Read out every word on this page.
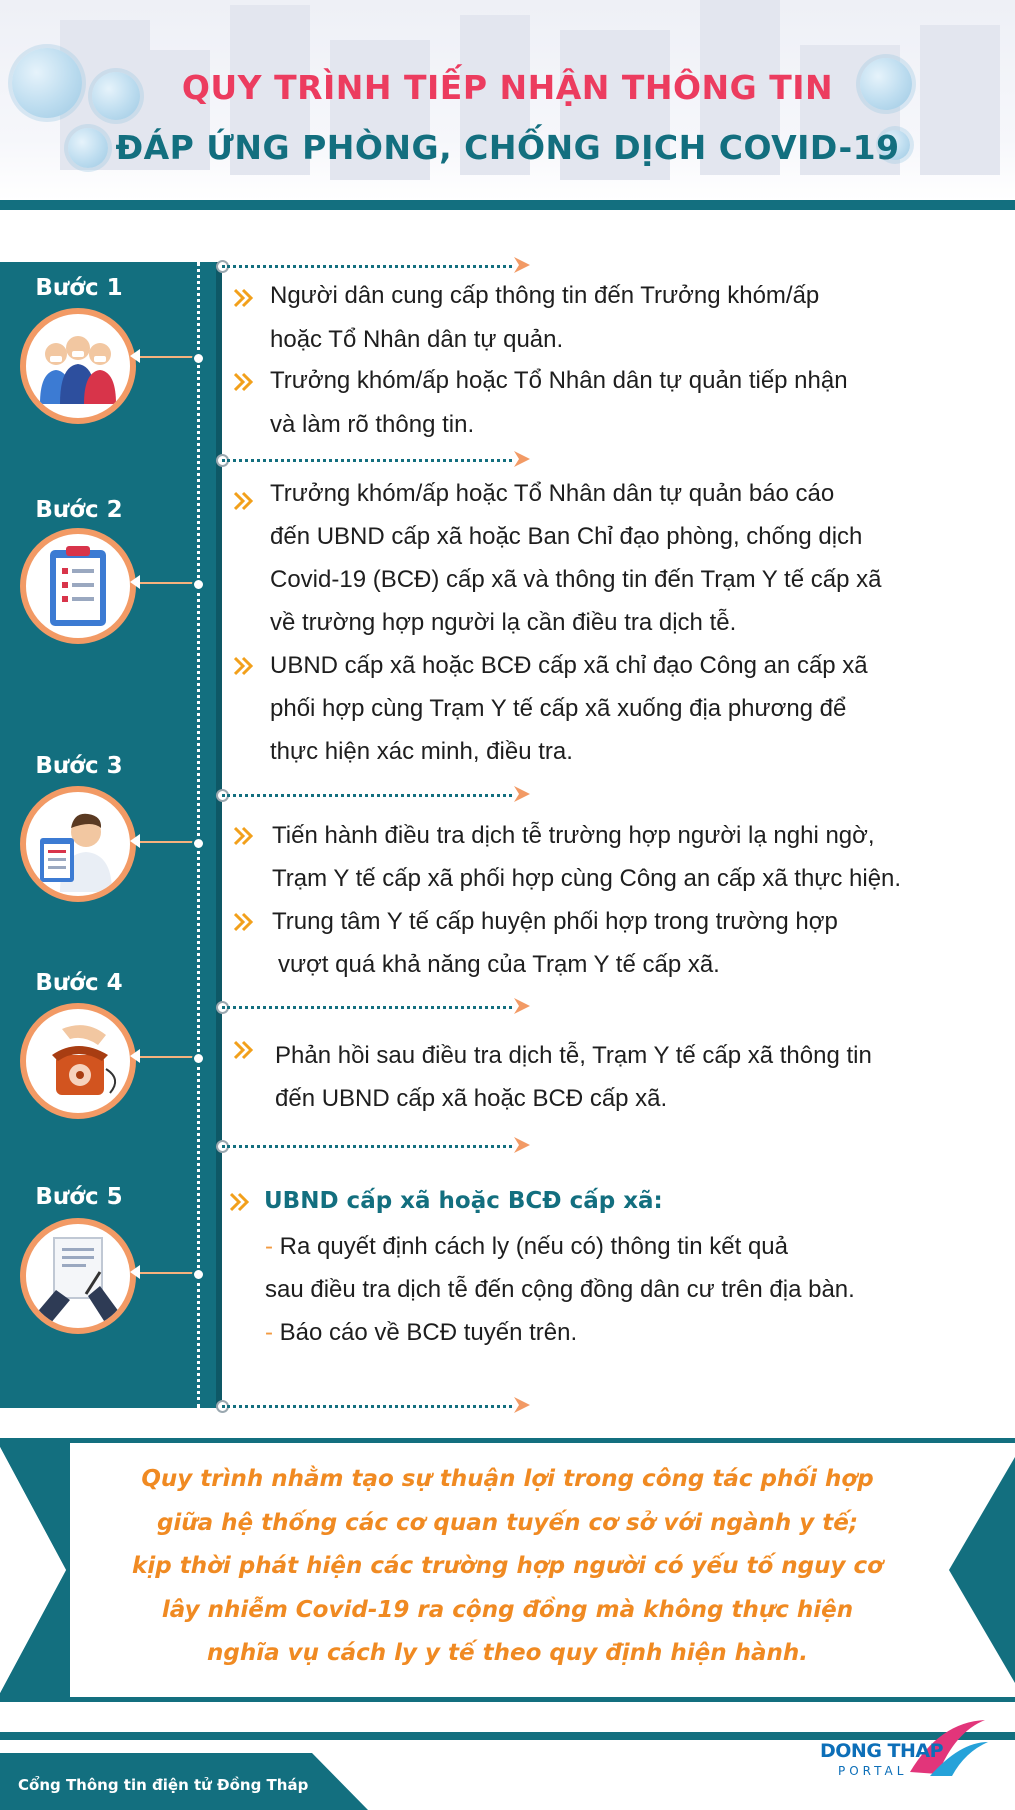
QUY TRÌNH TIẾP NHẬN THÔNG TIN
ĐÁP ỨNG PHÒNG, CHỐNG DỊCH COVID-19
Bước 1
Bước 2
Bước 3
Bước 4
Bước 5
Người dân cung cấp thông tin đến Trưởng khóm/ấp
hoặc Tổ Nhân dân tự quản.
Trưởng khóm/ấp hoặc Tổ Nhân dân tự quản tiếp nhận
và làm rõ thông tin.
Trưởng khóm/ấp hoặc Tổ Nhân dân tự quản báo cáo
đến UBND cấp xã hoặc Ban Chỉ đạo phòng, chống dịch
Covid-19 (BCĐ) cấp xã và thông tin đến Trạm Y tế cấp xã
về trường hợp người lạ cần điều tra dịch tễ.
UBND cấp xã hoặc BCĐ cấp xã chỉ đạo Công an cấp xã
phối hợp cùng Trạm Y tế cấp xã xuống địa phương để
thực hiện xác minh, điều tra.
Tiến hành điều tra dịch tễ trường hợp người lạ nghi ngờ,
Trạm Y tế cấp xã phối hợp cùng Công an cấp xã thực hiện.
Trung tâm Y tế cấp huyện phối hợp trong trường hợp
vượt quá khả năng của Trạm Y tế cấp xã.
Phản hồi sau điều tra dịch tễ, Trạm Y tế cấp xã thông tin
đến UBND cấp xã hoặc BCĐ cấp xã.
UBND cấp xã hoặc BCĐ cấp xã:
- Ra quyết định cách ly (nếu có) thông tin kết quả
sau điều tra dịch tễ đến cộng đồng dân cư trên địa bàn.
- Báo cáo về BCĐ tuyến trên.
Quy trình nhằm tạo sự thuận lợi trong công tác phối hợp
giữa hệ thống các cơ quan tuyến cơ sở với ngành y tế;
kịp thời phát hiện các trường hợp người có yếu tố nguy cơ
lây nhiễm Covid-19 ra cộng đồng mà không thực hiện
nghĩa vụ cách ly y tế theo quy định hiện hành.
Cổng Thông tin điện tử Đồng Tháp
DONG THAP
PORTAL
